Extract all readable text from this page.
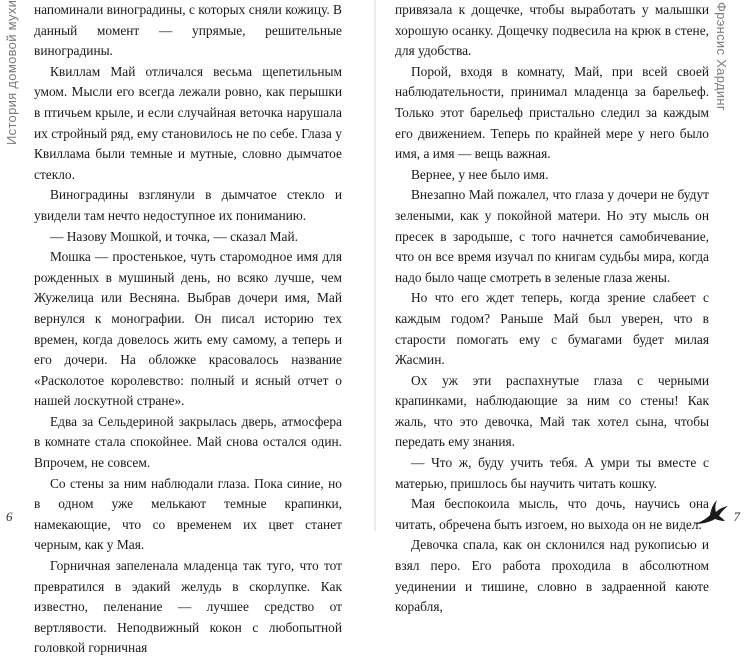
История домовой мухи напоминали виноградины, с которых сняли кожицу. В данный момент — упрямые, решительные виноградины.

Квиллам Май отличался весьма щепетильным умом. Мысли его всегда лежали ровно, как перышки в птичьем крыле, и если случайная веточка нарушала их стройный ряд, ему становилось не по себе. Глаза у Квиллама были темные и мутные, словно дымчатое стекло.

Виноградины взглянули в дымчатое стекло и увидели там нечто недоступное их пониманию.

— Назову Мошкой, и точка, — сказал Май.

Мошка — простенькое, чуть старомодное имя для рожденных в мушиный день, но всяко лучше, чем Жужелица или Весняна. Выбрав дочери имя, Май вернулся к монографии. Он писал историю тех времен, когда довелось жить ему самому, а теперь и его дочери. На обложке красовалось название «Расколотое королевство: полный и ясный отчет о нашей лоскутной стране».

Едва за Сельдериной закрылась дверь, атмосфера в комнате стала спокойнее. Май снова остался один. Впрочем, не совсем.

Со стены за ним наблюдали глаза. Пока синие, но в одном уже мелькают темные крапинки, намекающие, что со временем их цвет станет черным, как у Мая.

Горничная запеленала младенца так туго, что тот превратился в эдакий желудь в скорлупке. Как известно, пеленание — лучшее средство от вертлявости. Неподвижный кокон с любопытной головкой горничная

6

привязала к дощечке, чтобы выработать у малышки хорошую осанку. Дощечку подвесила на крюк в стене, для удобства.

Порой, входя в комнату, Май, при всей своей наблюдательности, принимал младенца за барельеф. Только этот барельеф пристально следил за каждым его движением. Теперь по крайней мере у него было имя, а имя — вещь важная.

Вернее, у нее было имя.

Внезапно Май пожалел, что глаза у дочери не будут зелеными, как у покойной матери. Но эту мысль он пресек в зародыше, с того начнется самобичевание, что он все время изучал по книгам судьбы мира, когда надо было чаще смотреть в зеленые глаза жены.

Но что его ждет теперь, когда зрение слабеет с каждым годом? Раньше Май был уверен, что в старости помогать ему с бумагами будет милая Жасмин.

Ох уж эти распахнутые глаза с черными крапинками, наблюдающие за ним со стены! Как жаль, что это девочка, Май так хотел сына, чтобы передать ему знания.

— Что ж, буду учить тебя. А умри ты вместе с матерью, пришлось бы научить читать кошку.

Мая беспокоила мысль, что дочь, научись она читать, обречена быть изгоем, но выхода он не видел.

Девочка спала, как он склонился над рукописью и взял перо. Его работа проходила в абсолютном уединении и тишине, словно в задраенной каюте корабля,

Фрэнсис Хардинг
7
